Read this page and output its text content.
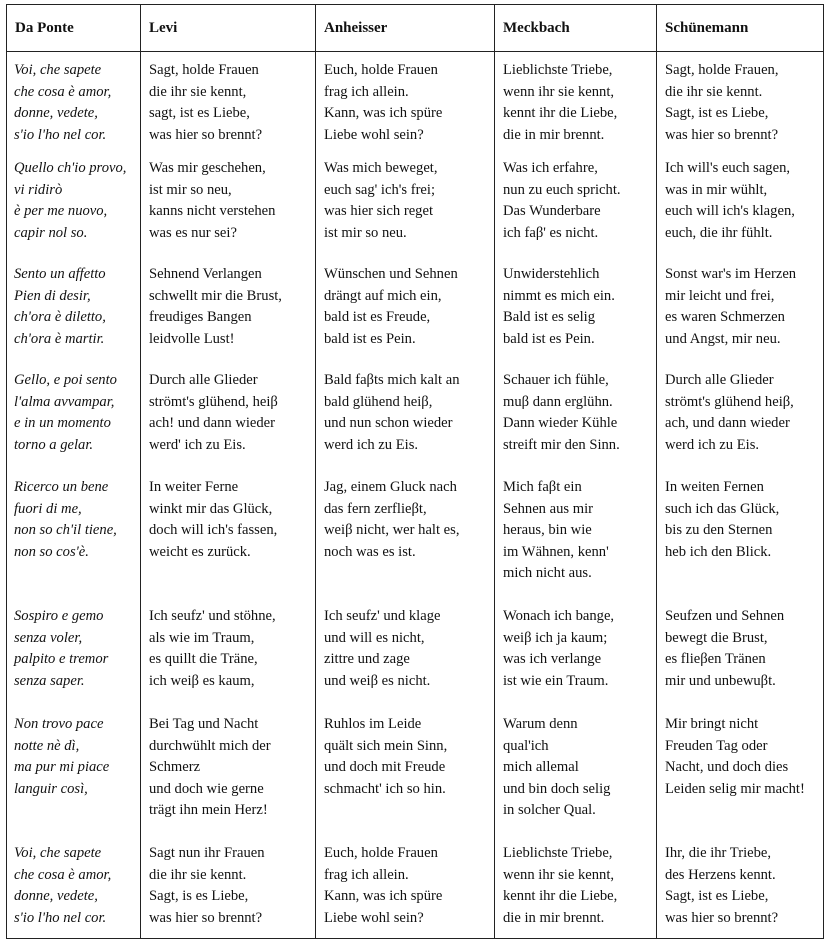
Da Ponte	Levi	Anheisser	Meckbach	Schünemann

Voi, che sapete
che cosa è amor,
donne, vedete,
s'io l'ho nel cor.	Sagt, holde Frauen
die ihr sie kennt,
sagt, ist es Liebe,
was hier so brennt?	Euch, holde Frauen
frag ich allein.
Kann, was ich spüre
Liebe wohl sein?	Lieblichste Triebe,
wenn ihr sie kennt,
kennt ihr die Liebe,
die in mir brennt.	Sagt, holde Frauen,
die ihr sie kennt.
Sagt, ist es Liebe,
was hier so brennt?

Quello ch'io provo,
vi ridirò
è per me nuovo,
capir nol so.	Was mir geschehen,
ist mir so neu,
kanns nicht verstehen
was es nur sei?	Was mich beweget,
euch sag' ich's frei;
was hier sich reget
ist mir so neu.	Was ich erfahre,
nun zu euch spricht.
Das Wunderbare
ich faβ' es nicht.	Ich will's euch sagen,
was in mir wühlt,
euch will ich's klagen,
euch, die ihr fühlt.

Sento un affetto
Pien di desir,
ch'ora è diletto,
ch'ora è martir.	Sehnend Verlangen
schwellt mir die Brust,
freudiges Bangen
leidvolle Lust!	Wünschen und Sehnen
drängt auf mich ein,
bald ist es Freude,
bald ist es Pein.	Unwiderstehlich
nimmt es mich ein.
Bald ist es selig
bald ist es Pein.	Sonst war's im Herzen
mir leicht und frei,
es waren Schmerzen
und Angst, mir neu.

Gello, e poi sento
l'alma avvampar,
e in un momento
torno a gelar.	Durch alle Glieder
strömt's glühend, heiβ
ach! und dann wieder
werd' ich zu Eis.	Bald faβts mich kalt an
bald glühend heiβ,
und nun schon wieder
werd ich zu Eis.	Schauer ich fühle,
muβ dann erglühn.
Dann wieder Kühle
streift mir den Sinn.	Durch alle Glieder
strömt's glühend heiβ,
ach, und dann wieder
werd ich zu Eis.

Ricerco un bene
fuori di me,
non so ch'il tiene,
non so cos'è.	In weiter Ferne
winkt mir das Glück,
doch will ich's fassen,
weicht es zurück.	Jag, einem Gluck nach
das fern zerflieβt,
weiβ nicht, wer halt es,
noch was es ist.	Mich faβt ein
Sehnen aus mir
heraus, bin wie
im Wähnen, kenn'
mich nicht aus.	In weiten Fernen
such ich das Glück,
bis zu den Sternen
heb ich den Blick.

Sospiro e gemo
senza voler,
palpito e tremor
senza saper.	Ich seufz' und stöhne,
als wie im Traum,
es quillt die Träne,
ich weiβ es kaum,	Ich seufz' und klage
und will es nicht,
zittre und zage
und weiβ es nicht.	Wonach ich bange,
weiβ ich ja kaum;
was ich verlange
ist wie ein Traum.	Seufzen und Sehnen
bewegt die Brust,
es flieβen Tränen
mir und unbewuβt.

Non trovo pace
notte nè dì,
ma pur mi piace
languir così,	Bei Tag und Nacht
durchwühlt mich der
Schmerz
und doch wie gerne
trägt ihn mein Herz!	Ruhlos im Leide
quält sich mein Sinn,
und doch mit Freude
schmacht' ich so hin.	Warum denn
qual'ich
mich allemal
und bin doch selig
in solcher Qual.	Mir bringt nicht
Freuden Tag oder
Nacht, und doch dies
Leiden selig mir macht!

Voi, che sapete
che cosa è amor,
donne, vedete,
s'io l'ho nel cor.	Sagt nun ihr Frauen
die ihr sie kennt.
Sagt, is es Liebe,
was hier so brennt?	Euch, holde Frauen
frag ich allein.
Kann, was ich spüre
Liebe wohl sein?	Lieblichste Triebe,
wenn ihr sie kennt,
kennt ihr die Liebe,
die in mir brennt.	Ihr, die ihr Triebe,
des Herzens kennt.
Sagt, ist es Liebe,
was hier so brennt?
